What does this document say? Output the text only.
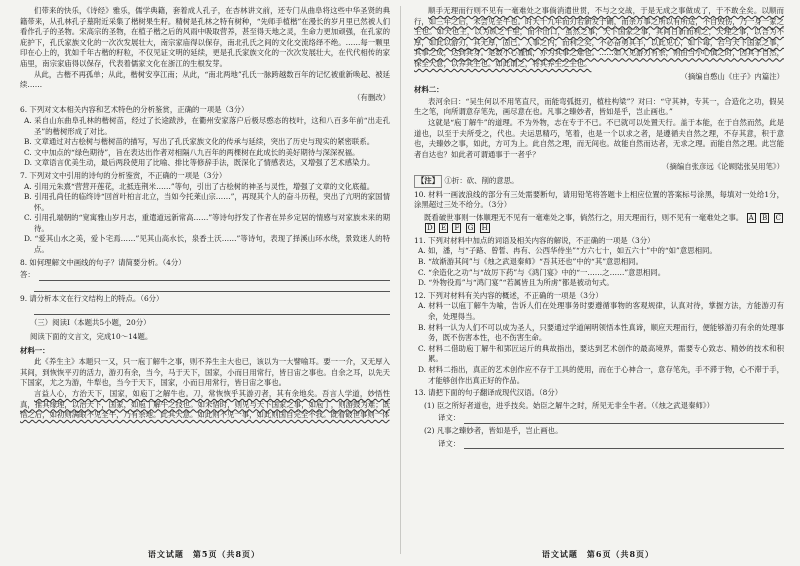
们带来的快乐，《诗经》雅乐，儒学典籍，套着成人孔子，在杏林讲文前，还专门从曲阜将这些中华圣贤的典籍带来，从孔林孔子墓附近采集了楷树果生籽。精树是孔林之特有树种，“先师手植楷”在漫长的岁月里已然被人们看作孔子的圣物。宋高宗的圣物，在植子楷之后的风雨中吸取营养，甚至得天地之灵，生命力更加顽强，在孔家的庇护下，孔氏家族文化的一次次发展壮大，南宗家庙得以保存，南北孔氏之间的文化交流络绎不绝。……每一颗里印在心上的，犹如千年古楷的籽粒，不仅见证文明的延续，更是孔氏家族文化的一次次发展壮大，在代代相传的家庙里，南宗家庙得以保存，代表着儒家文化在浙江的生根发芽。

从此，古楷不再孤单；从此，楷树安享江南；从此，“南北两地”孔氏一脉跨越数百年的记忆被重新唤起、被延续……

（有删改）

6. 下列对文本相关内容和艺术特色的分析鉴赏，正确的一项是（3分）

A. 采自山东曲阜孔林的楷树苗，经过了长途跋涉，在衢州安家落户后极尽憨态的枝叶，这和八百多年前“出走孔圣”的楷树形成了对比。

B. 文章通过对古桧树与楷树苗的描写，写出了孔氏家族文化的传承与延续，突出了历史与现实的紧密联系。

C. 文中加点的“绿色期待”，旨在表达出作者对相隔八九百年的两棵树在此成长的美好期待与深深祝福。

D. 文章语言优美生动，最后两段使用了比喻、排比等修辞手法，既深化了情感表达，又增强了艺术感染力。

7. 下列对文中引用的诗句的分析鉴赏，不正确的一项是（3分）

A. 引用元朱熹“营营开莲花，北抵连荆米……”等句，引出了古桧树的神圣与灵性，增强了文章的文化底蕴。

B. 引用孔尚任的临终诗“回首叶柏言北立，当如今托莱山宗……”，再现其个人的奋斗历程，突出了亢明的家国情怀。

C. 引用孔端朝的“宽寓雅山岁月志，重遣道远新常高……”等诗句抒发了作者在异乡定居的情感与对家族未来的期待。

D. “爱其山水之美，爱卜宅焉……”见其山高水长，泉香土沃……”等诗句，表现了择溪山环水绕，景致迷人的特点。

8. 如何理解文中画线的句子？请简要分析。（4分）

答：

9. 请分析本文在行文结构上的特点。（6分）

（三）阅读Ⅰ（本题共5小题，20分）

阅读下面的文言文，完成10～14题。

材料一：

此《养生主》本题只一又，只一庖丁解牛之事，则不养生主大也已，该以为一大譬喻耳。要一一介，又无厚入其间，到恢恢平刃的活力，游刃有余，当今，马于天下，国家，小而日用常行，皆日宙之事也。自余之耳，以先天下国家，尤之为游，牛犁也，当今于天下，国家，小而日用常行，皆日宙之事也。

言益人心，方治天下，国家，如庖丁之解牛也。刀，常恢恢乎其游刃者，其有余地矣。吾言人学道，妙悟性真，推其缘理，以治天下，国家，如庖丁解牛之技也。如未悟时，则见与天下国家之事，如庖丁，则游鼓为难；既悟之后，如初则满眼不见全牛，乃有余地。此其大意。如此则不见一事，如此则国自完全不我。既看破世事则一体

语文试题　第5页（共8页）

顺手无理而行则不见有一毫难处之事倘消遣世贯，不与之交战，于是无成之事做成了，于不敢全矣。以顺而行，如三年之后，未尝见全牛也。时大十九年而刃若新发于硎，而余万事之所以有所适，不自毁伤，乃一身一家之主也。如天也王，以为纵之千里，而不出口，虽然之事，天下国家之事，其间日新而利之，天理之事，以合为不厚，如此以游刃，其无厚，固已。人事之内，而利之矣，不必奋勇其手，以此见心，如下毒，若与天下国家之事，其事之成，达到其身。是数小心谨慎，亦为其事之难也。……如人见游刃有余，则由当小心慎之时，因其于自然，保全大意，以养其生也。如此谓之，将其养生之主也。

（摘编自憨山《庄子》内篇注）

材料二：

表河余曰：“吴生何以不用笔直尺，而能弯弧挺刃，植柱构梁”？对曰：“守其神，专其一，合造化之功，假吴生之笔，向所谓意存笔先，画尽意在也。凡事之臻妙者，皆如是乎，岂止画也。”

这就是“庖丁解牛”的道理。不为外物，志在专于不已。不已就可以处置天行。盖于本能，在于自然而然，此是道也，以至于夫所受之，代也。夫运思精巧，笔着，也是一个以求之者，是遵循夫自然之理，不存其意，积于意也，夫臻妙之事，如此，方可为上。此自然之理，而无间也。故能自然而达者，无求之理。而能自然之理。此岂能者自达也？如此者可谓通事于一者乎？

（摘编自张彦远《论顾陆张吴用笔》）

【注】 ①折：砍、削的意思。

10. 材料一画波浪线的部分有三处需要断句，请用铅笔将答题卡上相应位置的答案标号涂黑，每填对一处给1分，涂黑超过三处不给分。（3分）

既看破世事则一体顺理无不见有一毫难处之事，倘然行之，用天理而行，则不见有一毫难处之事。 A B C D E F G H

11. 下列对材料中加点的词语及相关内容的解说，不正确的一项是（3分）

A. 如，潘，与“子路、曾皙、冉有、公西华侍坐”“方六七十，如五六十”中的“如”意思相同。

B. “故渐游其间”与《烛之武退秦师》“吾其还也”中的“其”意思相同。

C. “余造化之功”与“故厉下药”与《鸿门宴》中的“一……之……”意思相同。

D. “外物役焉”与“鸿门宴”“若属皆且为所虏”都是被动句式。

12. 下列对材料有关内容的概述，不正确的一项是（3分）

A. 材料一以庖丁解牛为喻，告诉人们在处理事务时要遵循事物的客观规律，认真对待，掌握方法，方能游刃有余，处理得当。

B. 材料一认为人们不可以成为圣人，只要通过学道阐明领悟本性真谛，顺应天理而行，便能够游刃有余的处理事务，既不伤害本性，也不伤害生命。

C. 材料二借助庖丁解牛和郢匠运斤的典故指出，要达到艺术创作的最高境界，需要专心致志、精妙的技术和积累。

D. 材料二指出，真正的艺术创作应不存于工具的使用，而在于心神合一，意存笔先，手不滞于物，心不滞于手，才能够创作出真正好的作品。

13. 请把下面的句子翻译成现代汉语。（8分）

(1) 臣之所好者道也，进乎技矣。始臣之解牛之时，所见无非全牛者。（《烛之武退秦师》）

译文：

(2) 凡事之臻妙者，皆如是乎，岂止画也。

译文：
语文试题　第6页（共8页）
